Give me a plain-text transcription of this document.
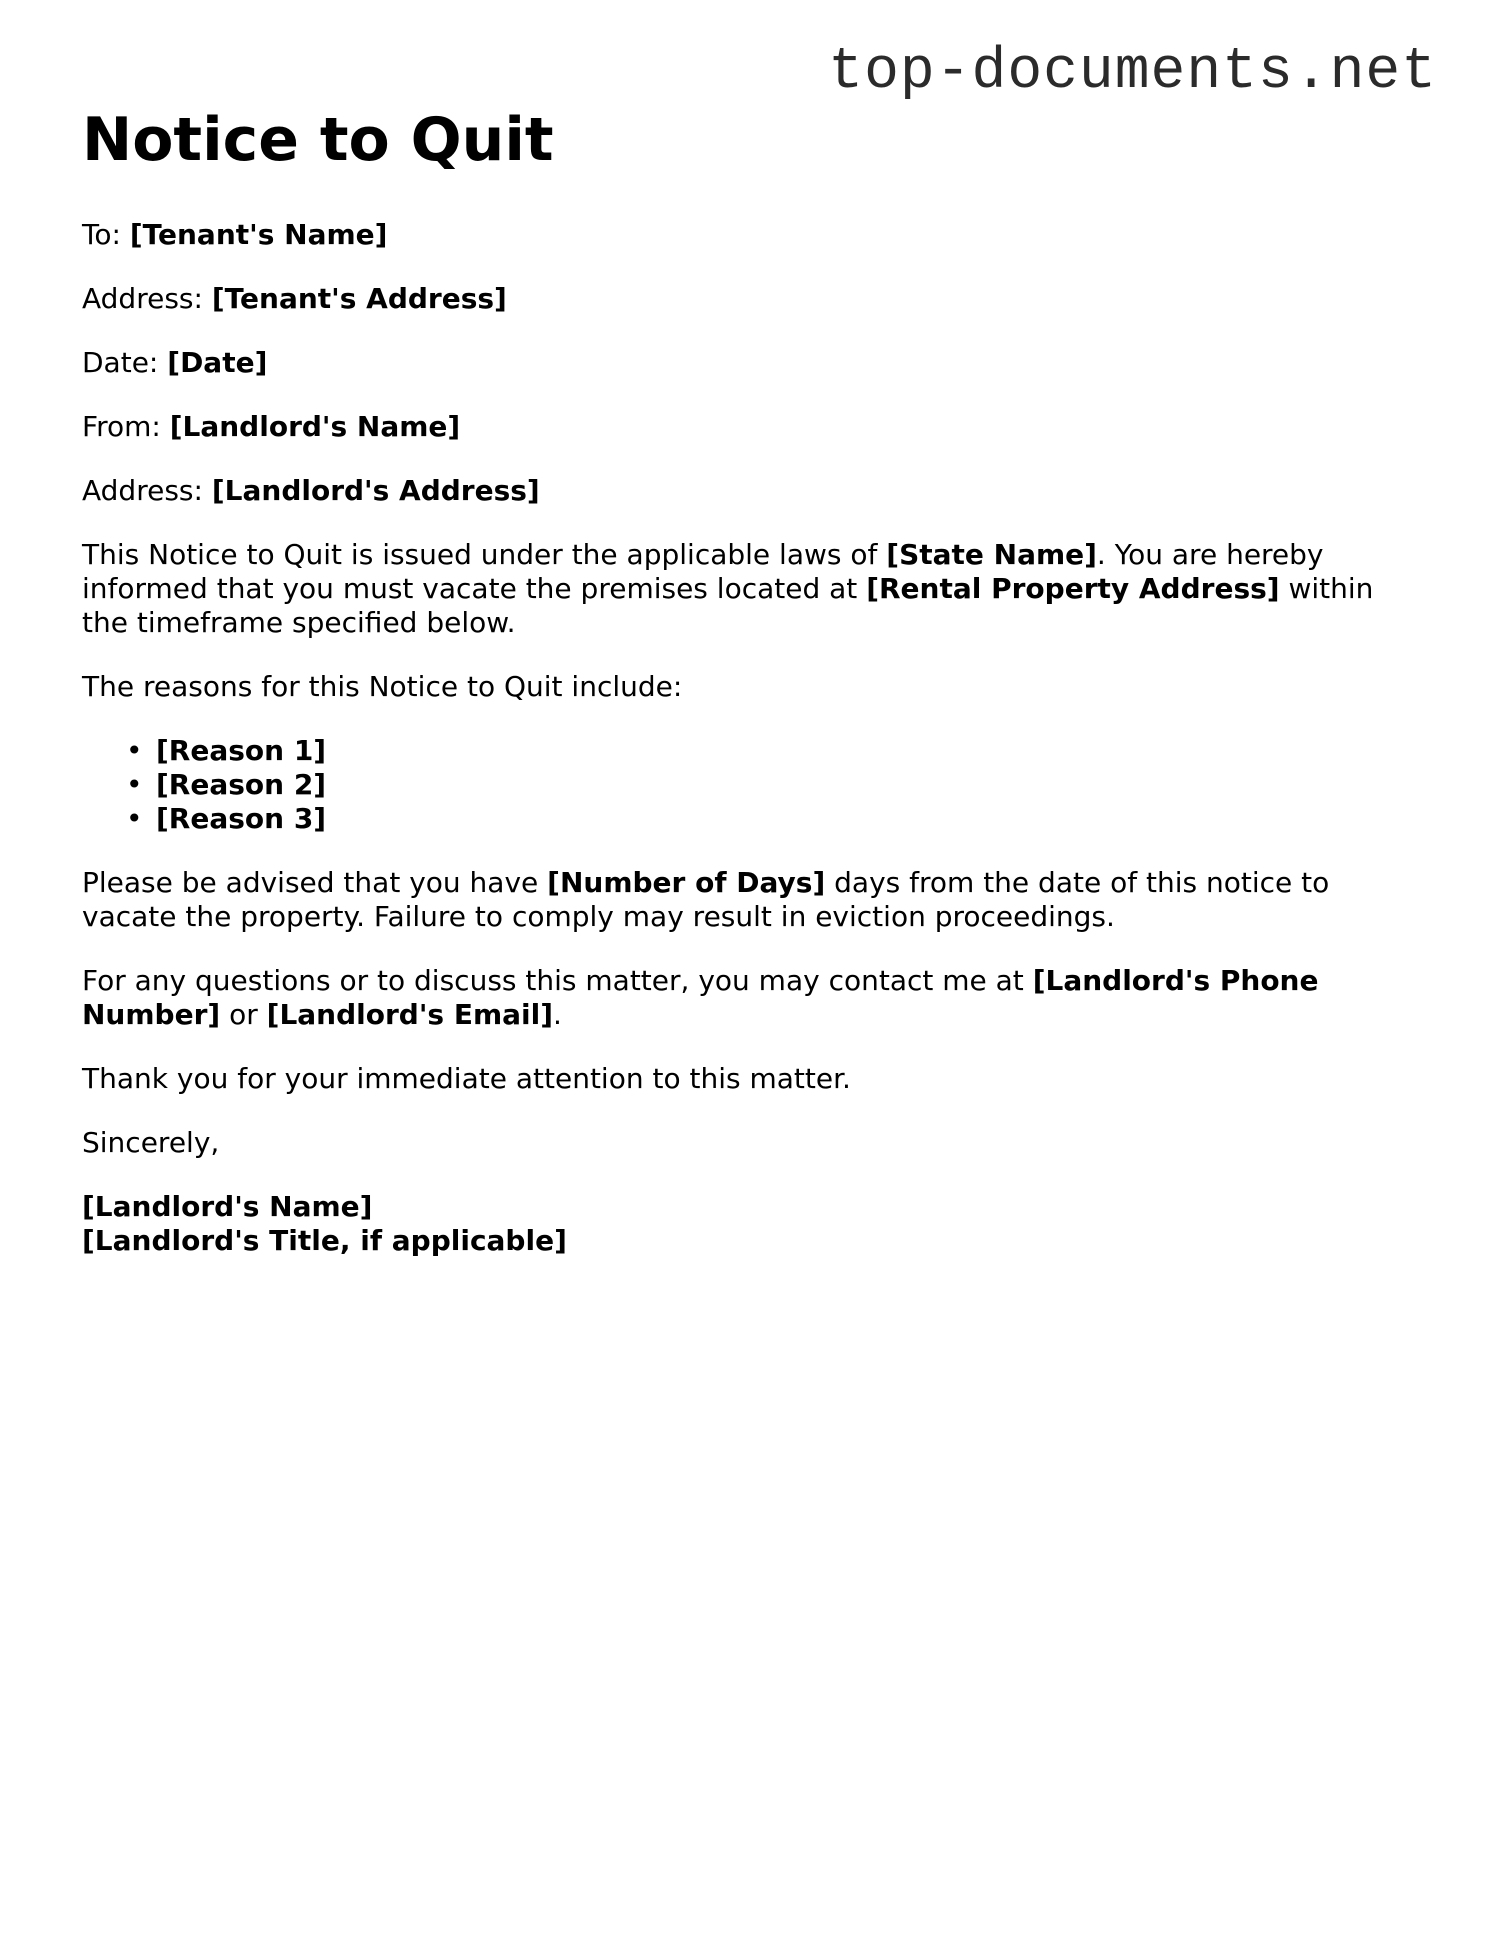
top-documents.net
Notice to Quit

To: [Tenant's Name]

Address: [Tenant's Address]

Date: [Date]

From: [Landlord's Name]

Address: [Landlord's Address]

This Notice to Quit is issued under the applicable laws of [State Name]. You are hereby informed that you must vacate the premises located at [Rental Property Address] within the timeframe specified below.

The reasons for this Notice to Quit include:

• [Reason 1]
• [Reason 2]
• [Reason 3]

Please be advised that you have [Number of Days] days from the date of this notice to vacate the property. Failure to comply may result in eviction proceedings.

For any questions or to discuss this matter, you may contact me at [Landlord's Phone Number] or [Landlord's Email].

Thank you for your immediate attention to this matter.

Sincerely,

[Landlord's Name]
[Landlord's Title, if applicable]
